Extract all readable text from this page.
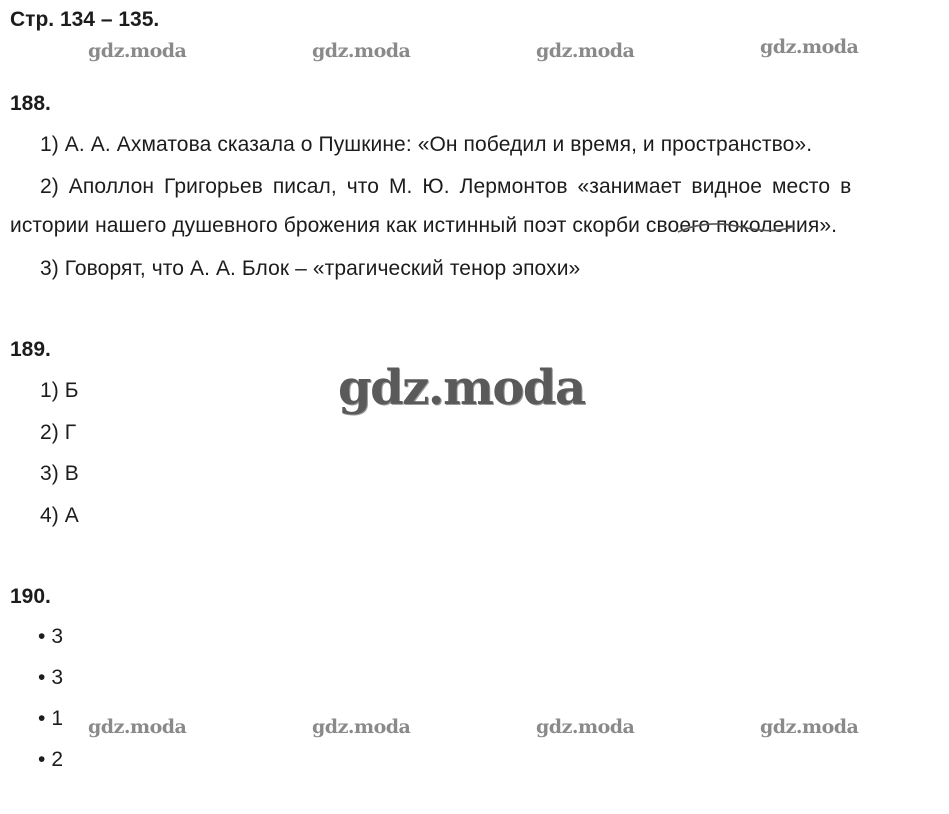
Стр. 134 – 135.
gdz.moda	gdz.moda	gdz.moda	gdz.moda
188.
1) А. А. Ахматова сказала о Пушкине: «Он победил и время, и пространство».
2) Аполлон Григорьев писал, что М. Ю. Лермонтов «занимает видное место в
истории нашего душевного брожения как истинный поэт скорби своего поколения».
3) Говорят, что А. А. Блок – «трагический тенор эпохи»
189.
1) Б
2) Г
3) В
4) А
gdz.moda
190.
• 3
• 3
• 1
• 2
gdz.moda	gdz.moda	gdz.moda	gdz.moda
